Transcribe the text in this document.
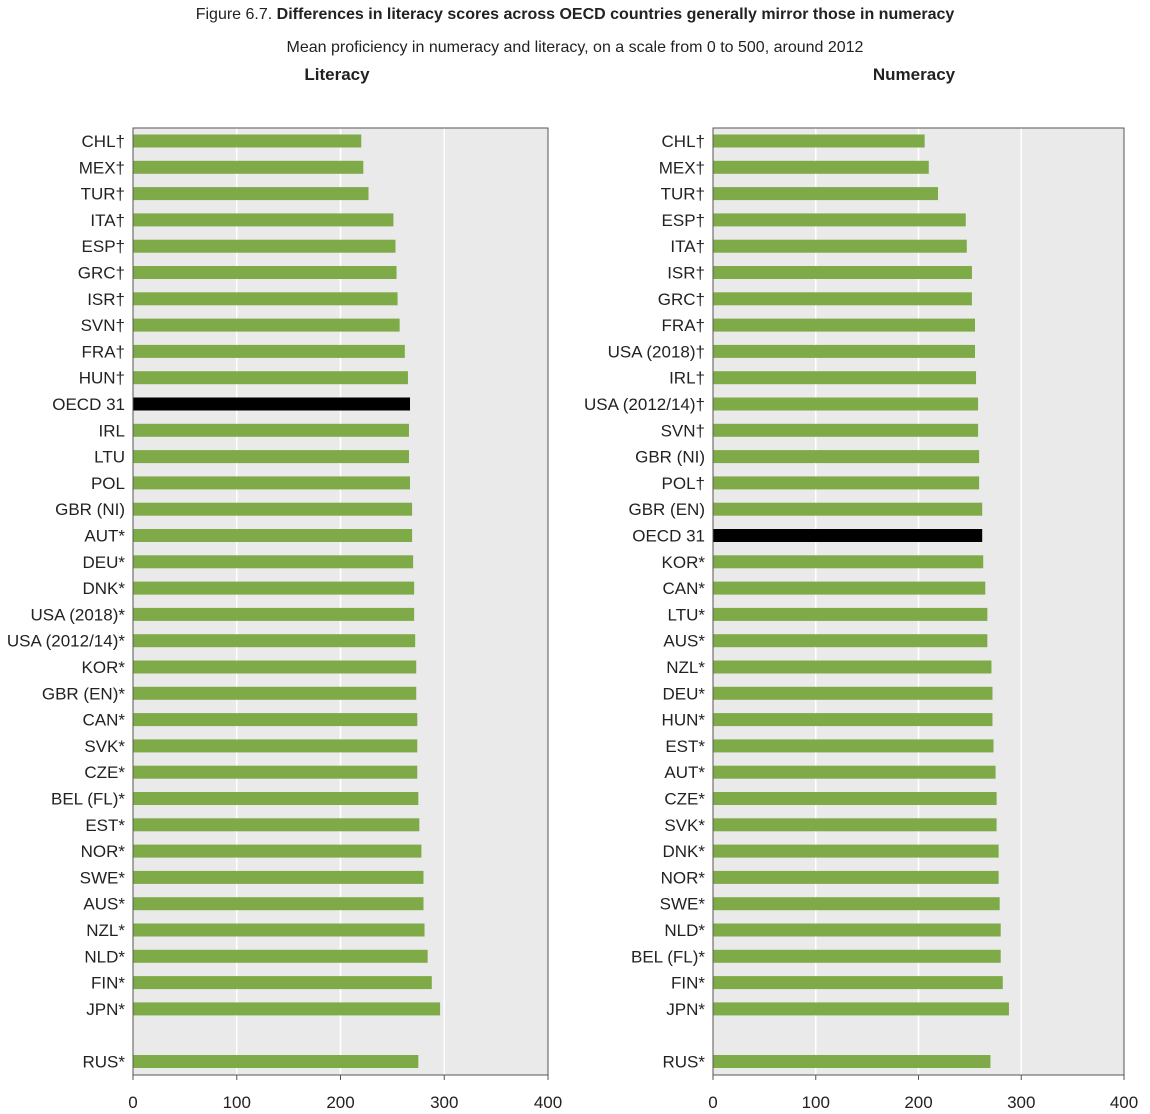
Figure 6.7. Differences in literacy scores across OECD countries generally mirror those in numeracy
Mean proficiency in numeracy and literacy, on a scale from 0 to 500, around 2012
Literacy
CHL†
MEX†
TUR†
ITA†
ESP†
GRC†
ISR†
SVN†
FRA†
HUN†
OECD 31
IRL
LTU
POL
GBR (NI)
AUT*
DEU*
DNK*
USA (2018)*
USA (2012/14)*
KOR*
GBR (EN)*
CAN*
SVK*
CZE*
BEL (FL)*
EST*
NOR*
SWE*
AUS*
NZL*
NLD*
FIN*
JPN*
RUS*
0	100	200	300	400
Numeracy
CHL†
MEX†
TUR†
ESP†
ITA†
ISR†
GRC†
FRA†
USA (2018)†
IRL†
USA (2012/14)†
SVN†
GBR (NI)
POL†
GBR (EN)
OECD 31
KOR*
CAN*
LTU*
AUS*
NZL*
DEU*
HUN*
EST*
AUT*
CZE*
SVK*
DNK*
NOR*
SWE*
NLD*
BEL (FL)*
FIN*
JPN*
RUS*
0	100	200	300	400
